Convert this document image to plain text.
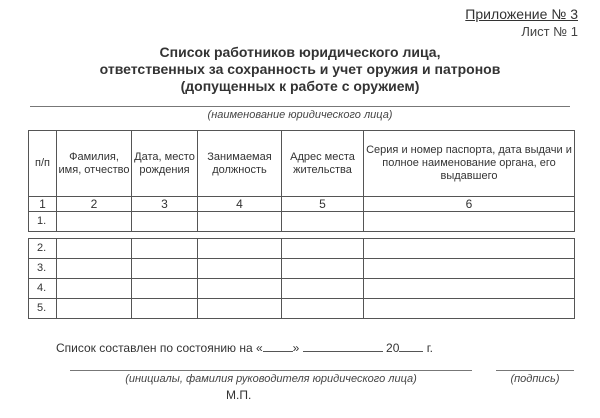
Приложение № 3
Лист № 1
Список работников юридического лица,
ответственных за сохранность и учет оружия и патронов
(допущенных к работе с оружием)
(наименование юридического лица)
п/п	Фамилия, имя, отчество	Дата, место рождения	Занимаемая должность	Адрес места жительства	Серия и номер паспорта, дата выдачи и полное наименование органа, его выдавшего
1	2	3	4	5	6
1.					

2.					
3.					
4.					
5.					
Список составлен по состоянию на «	»	20 г.
(инициалы, фамилия руководителя юридического лица)	(подпись)
М.П.
